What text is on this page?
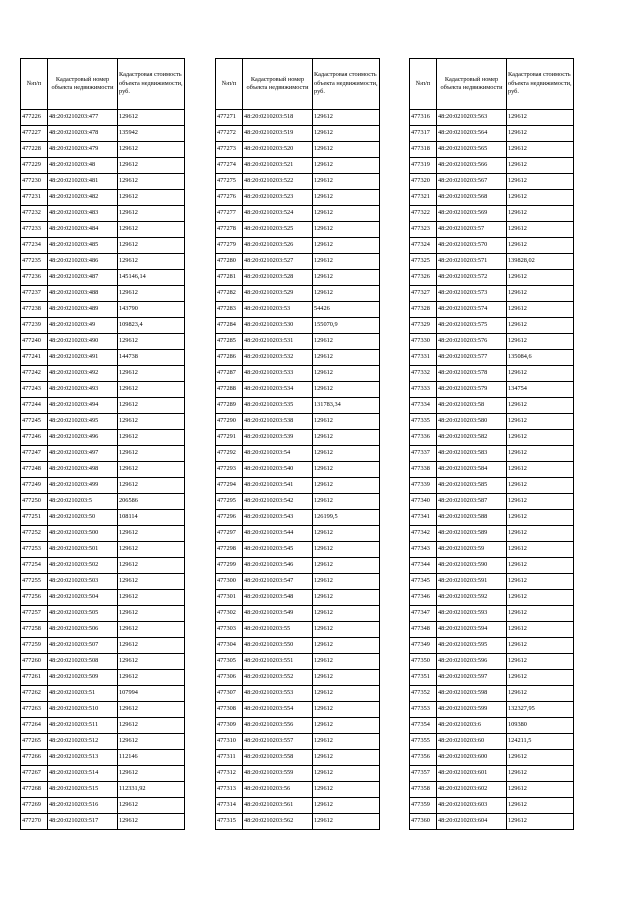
№п/п	Кадастровый номер объекта недвижимости	Кадастровая стоимость объекта недвижимости, руб.
477226	48:20:0210203:477	129612
477227	48:20:0210203:478	135942
477228	48:20:0210203:479	129612
477229	48:20:0210203:48	129612
477230	48:20:0210203:481	129612
477231	48:20:0210203:482	129612
477232	48:20:0210203:483	129612
477233	48:20:0210203:484	129612
477234	48:20:0210203:485	129612
477235	48:20:0210203:486	129612
477236	48:20:0210203:487	145146,14
477237	48:20:0210203:488	129612
477238	48:20:0210203:489	143790
477239	48:20:0210203:49	109823,4
477240	48:20:0210203:490	129612
477241	48:20:0210203:491	144738
477242	48:20:0210203:492	129612
477243	48:20:0210203:493	129612
477244	48:20:0210203:494	129612
477245	48:20:0210203:495	129612
477246	48:20:0210203:496	129612
477247	48:20:0210203:497	129612
477248	48:20:0210203:498	129612
477249	48:20:0210203:499	129612
477250	48:20:0210203:5	206586
477251	48:20:0210203:50	108114
477252	48:20:0210203:500	129612
477253	48:20:0210203:501	129612
477254	48:20:0210203:502	129612
477255	48:20:0210203:503	129612
477256	48:20:0210203:504	129612
477257	48:20:0210203:505	129612
477258	48:20:0210203:506	129612
477259	48:20:0210203:507	129612
477260	48:20:0210203:508	129612
477261	48:20:0210203:509	129612
477262	48:20:0210203:51	107994
477263	48:20:0210203:510	129612
477264	48:20:0210203:511	129612
477265	48:20:0210203:512	129612
477266	48:20:0210203:513	112146
477267	48:20:0210203:514	129612
477268	48:20:0210203:515	112331,92
477269	48:20:0210203:516	129612
477270	48:20:0210203:517	129612
№п/п	Кадастровый номер объекта недвижимости	Кадастровая стоимость объекта недвижимости, руб.
477271	48:20:0210203:518	129612
477272	48:20:0210203:519	129612
477273	48:20:0210203:520	129612
477274	48:20:0210203:521	129612
477275	48:20:0210203:522	129612
477276	48:20:0210203:523	129612
477277	48:20:0210203:524	129612
477278	48:20:0210203:525	129612
477279	48:20:0210203:526	129612
477280	48:20:0210203:527	129612
477281	48:20:0210203:528	129612
477282	48:20:0210203:529	129612
477283	48:20:0210203:53	54426
477284	48:20:0210203:530	155070,9
477285	48:20:0210203:531	129612
477286	48:20:0210203:532	129612
477287	48:20:0210203:533	129612
477288	48:20:0210203:534	129612
477289	48:20:0210203:535	131783,34
477290	48:20:0210203:538	129612
477291	48:20:0210203:539	129612
477292	48:20:0210203:54	129612
477293	48:20:0210203:540	129612
477294	48:20:0210203:541	129612
477295	48:20:0210203:542	129612
477296	48:20:0210203:543	126199,5
477297	48:20:0210203:544	129612
477298	48:20:0210203:545	129612
477299	48:20:0210203:546	129612
477300	48:20:0210203:547	129612
477301	48:20:0210203:548	129612
477302	48:20:0210203:549	129612
477303	48:20:0210203:55	129612
477304	48:20:0210203:550	129612
477305	48:20:0210203:551	129612
477306	48:20:0210203:552	129612
477307	48:20:0210203:553	129612
477308	48:20:0210203:554	129612
477309	48:20:0210203:556	129612
477310	48:20:0210203:557	129612
477311	48:20:0210203:558	129612
477312	48:20:0210203:559	129612
477313	48:20:0210203:56	129612
477314	48:20:0210203:561	129612
477315	48:20:0210203:562	129612
№п/п	Кадастровый номер объекта недвижимости	Кадастровая стоимость объекта недвижимости, руб.
477316	48:20:0210203:563	129612
477317	48:20:0210203:564	129612
477318	48:20:0210203:565	129612
477319	48:20:0210203:566	129612
477320	48:20:0210203:567	129612
477321	48:20:0210203:568	129612
477322	48:20:0210203:569	129612
477323	48:20:0210203:57	129612
477324	48:20:0210203:570	129612
477325	48:20:0210203:571	139828,02
477326	48:20:0210203:572	129612
477327	48:20:0210203:573	129612
477328	48:20:0210203:574	129612
477329	48:20:0210203:575	129612
477330	48:20:0210203:576	129612
477331	48:20:0210203:577	135084,6
477332	48:20:0210203:578	129612
477333	48:20:0210203:579	134754
477334	48:20:0210203:58	129612
477335	48:20:0210203:580	129612
477336	48:20:0210203:582	129612
477337	48:20:0210203:583	129612
477338	48:20:0210203:584	129612
477339	48:20:0210203:585	129612
477340	48:20:0210203:587	129612
477341	48:20:0210203:588	129612
477342	48:20:0210203:589	129612
477343	48:20:0210203:59	129612
477344	48:20:0210203:590	129612
477345	48:20:0210203:591	129612
477346	48:20:0210203:592	129612
477347	48:20:0210203:593	129612
477348	48:20:0210203:594	129612
477349	48:20:0210203:595	129612
477350	48:20:0210203:596	129612
477351	48:20:0210203:597	129612
477352	48:20:0210203:598	129612
477353	48:20:0210203:599	132327,95
477354	48:20:0210203:6	109380
477355	48:20:0210203:60	124211,5
477356	48:20:0210203:600	129612
477357	48:20:0210203:601	129612
477358	48:20:0210203:602	129612
477359	48:20:0210203:603	129612
477360	48:20:0210203:604	129612
